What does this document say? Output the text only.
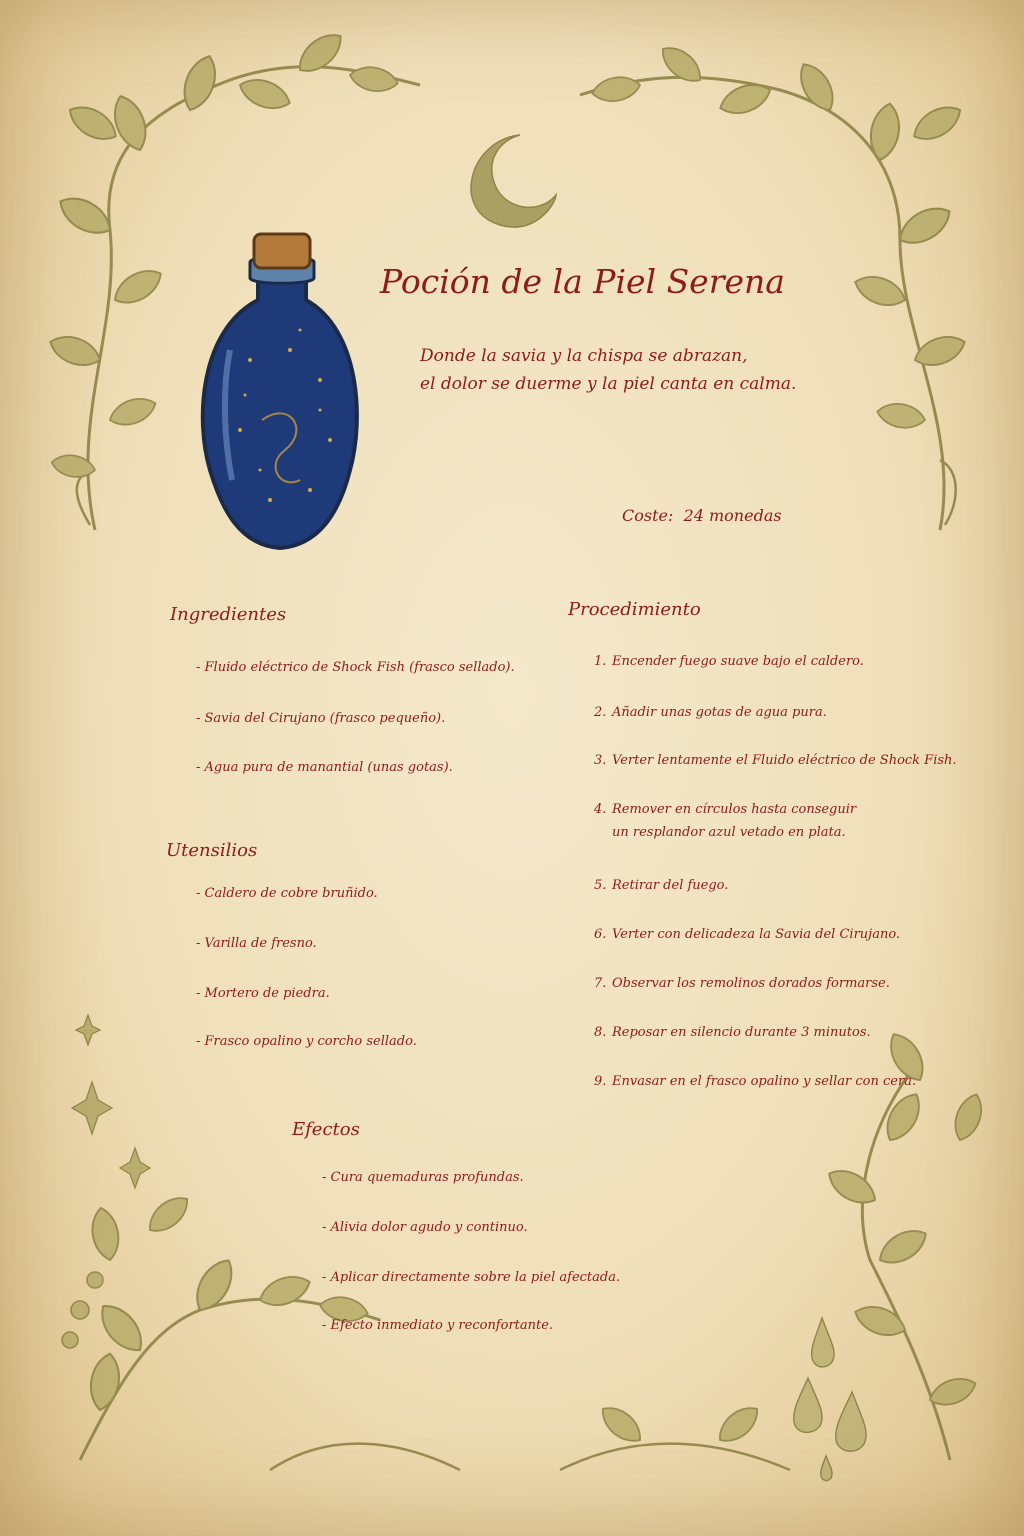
Poción de la Piel Serena

Donde la savia y la chispa se abrazan,
el dolor se duerme y la piel canta en calma.

Coste: 24 monedas
Ingredientes
- Fluido eléctrico de Shock Fish (frasco sellado).
- Savia del Cirujano (frasco pequeño).
- Agua pura de manantial (unas gotas).
Utensilios
- Caldero de cobre bruñido.
- Varilla de fresno.
- Mortero de piedra.
- Frasco opalino y corcho sellado.
Procedimiento
1. Encender fuego suave bajo el caldero.
2. Añadir unas gotas de agua pura.
3. Verter lentamente el Fluido eléctrico de Shock Fish.
4. Remover en círculos hasta conseguir
un resplandor azul vetado en plata.
5. Retirar del fuego.
6. Verter con delicadeza la Savia del Cirujano.
7. Observar los remolinos dorados formarse.
8. Reposar en silencio durante 3 minutos.
9. Envasar en el frasco opalino y sellar con cera.
Efectos
- Cura quemaduras profundas.
- Alivia dolor agudo y continuo.
- Aplicar directamente sobre la piel afectada.
- Efecto inmediato y reconfortante.
